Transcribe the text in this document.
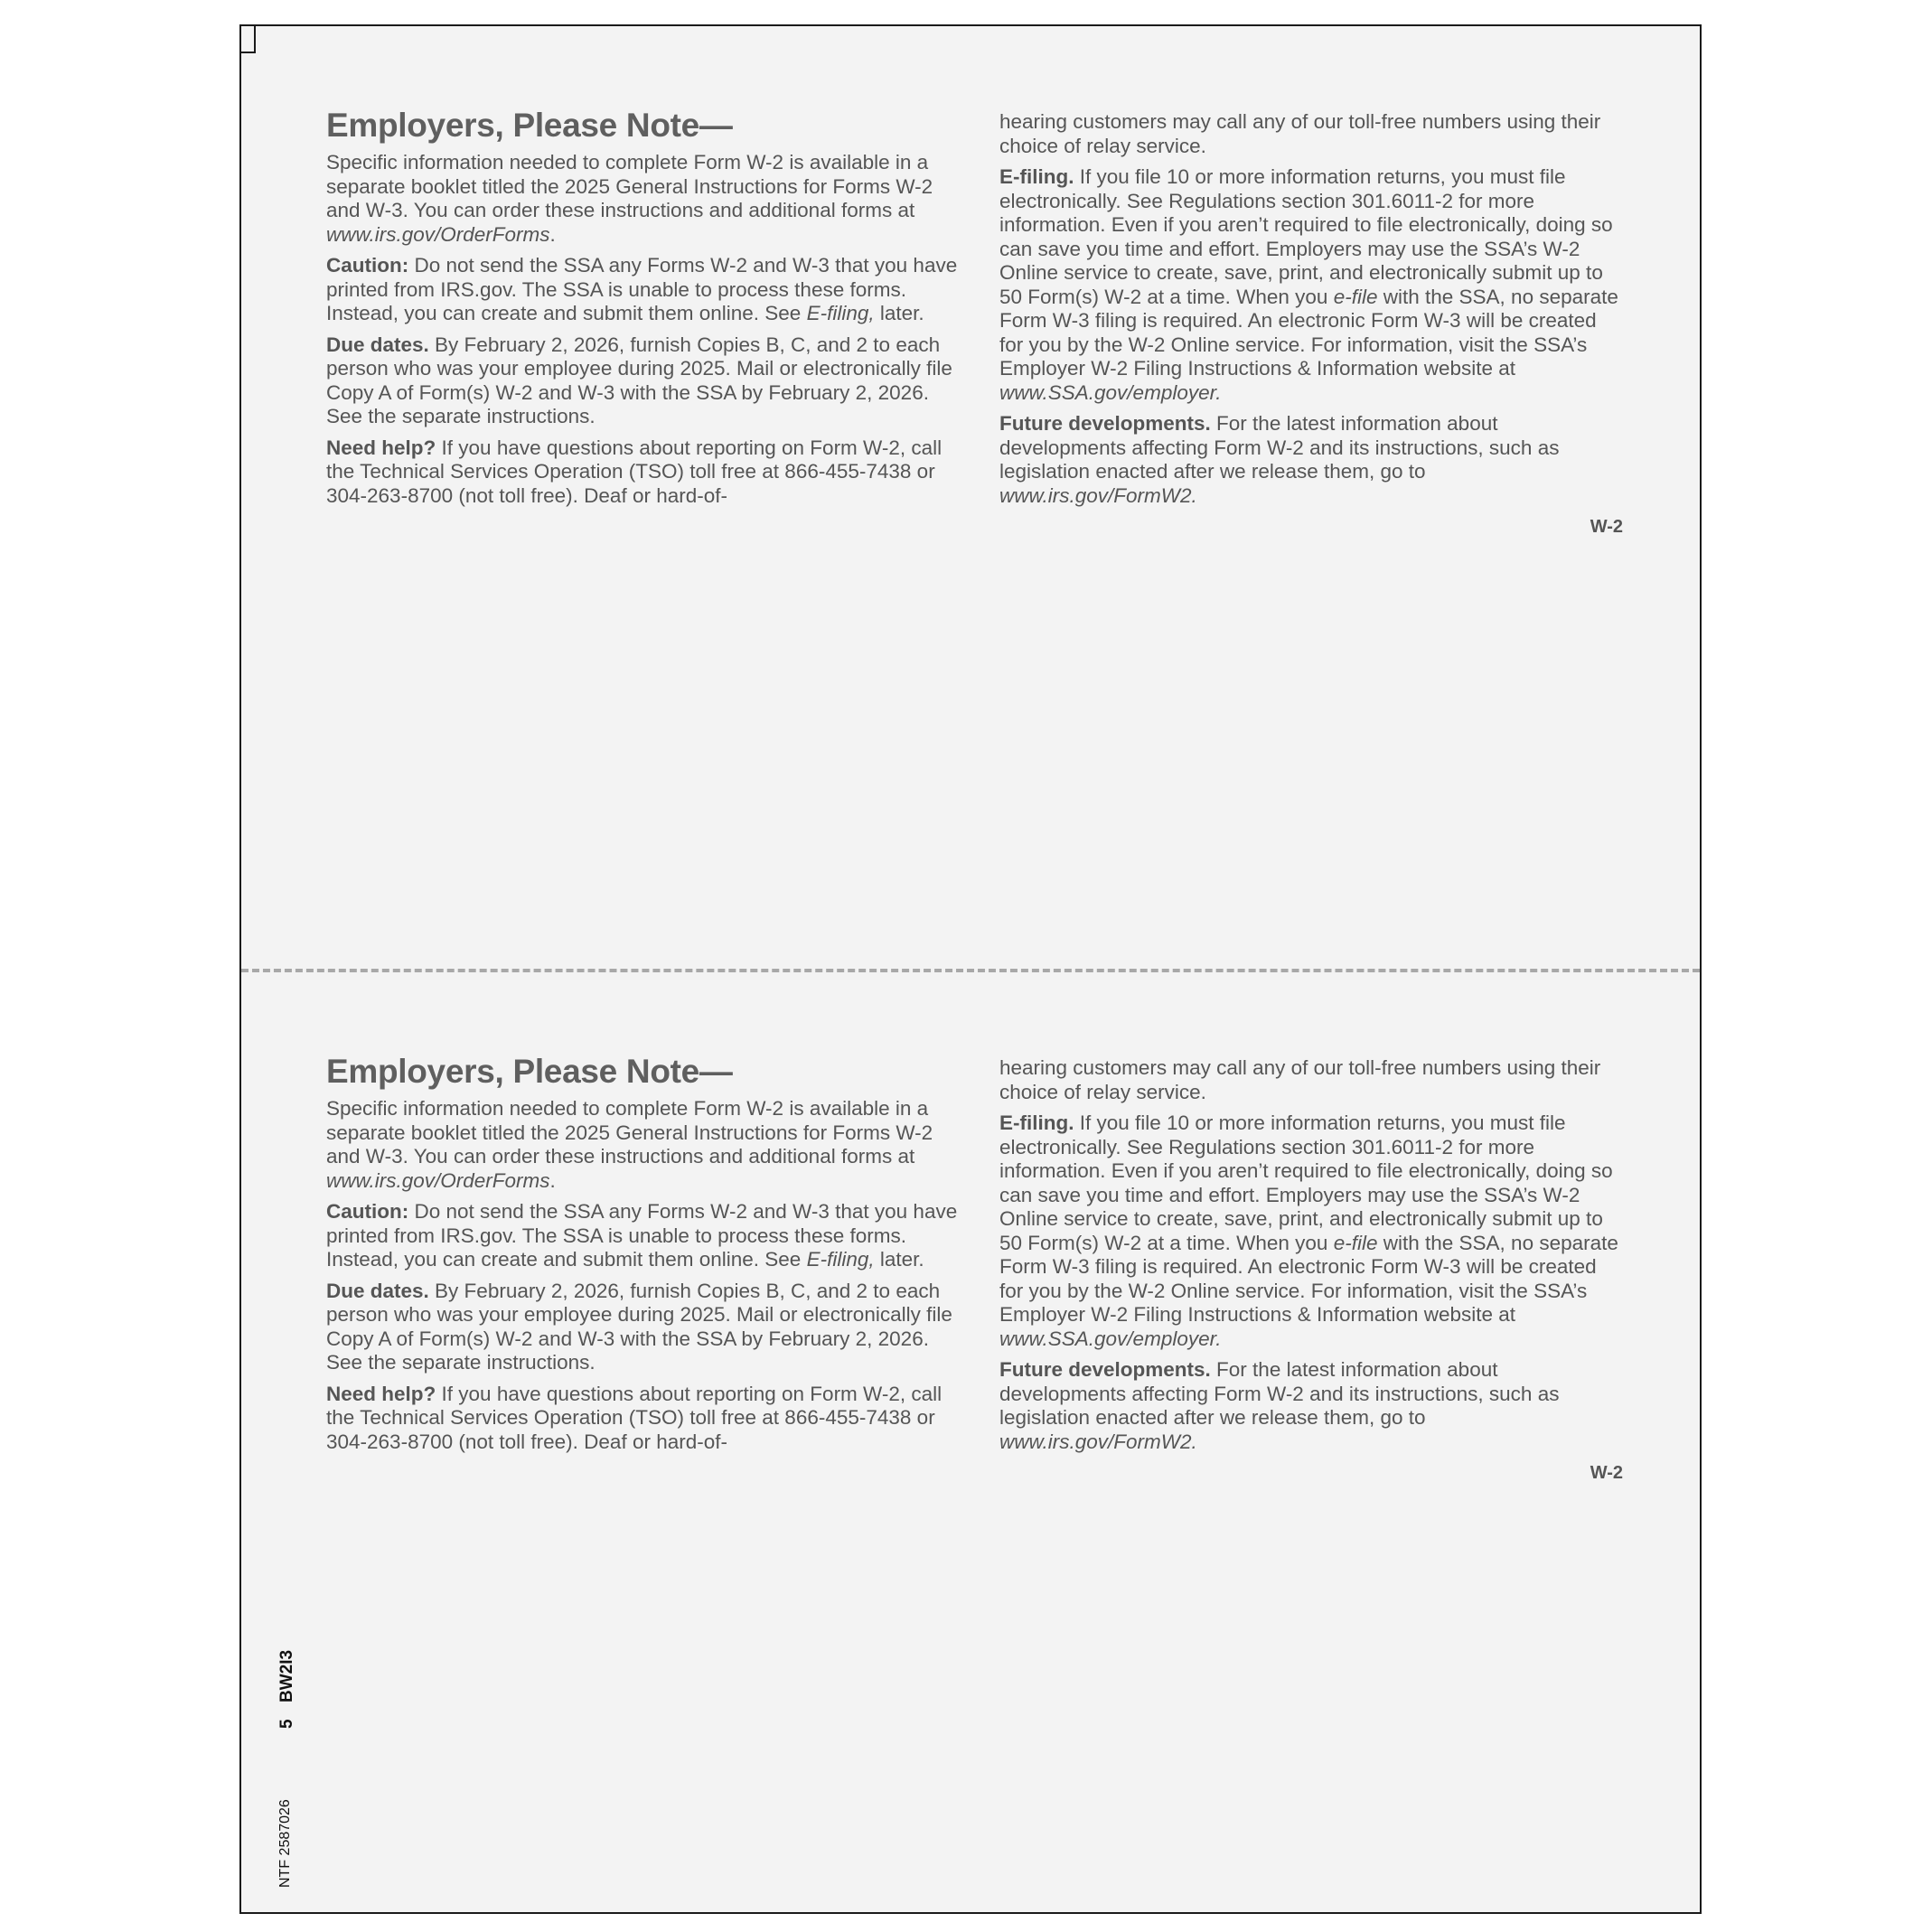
Employers, Please Note—

Specific information needed to complete Form W-2 is available in a separate booklet titled the 2025 General Instructions for Forms W-2 and W-3. You can order these instructions and additional forms at www.irs.gov/OrderForms.

Caution: Do not send the SSA any Forms W-2 and W-3 that you have printed from IRS.gov. The SSA is unable to process these forms. Instead, you can create and submit them online. See E-filing, later.

Due dates. By February 2, 2026, furnish Copies B, C, and 2 to each person who was your employee during 2025. Mail or electronically file Copy A of Form(s) W-2 and W-3 with the SSA by February 2, 2026. See the separate instructions.

Need help? If you have questions about reporting on Form W-2, call the Technical Services Operation (TSO) toll free at 866-455-7438 or 304-263-8700 (not toll free). Deaf or hard-of-

hearing customers may call any of our toll-free numbers using their choice of relay service.

E-filing. If you file 10 or more information returns, you must file electronically. See Regulations section 301.6011-2 for more information. Even if you aren’t required to file electronically, doing so can save you time and effort. Employers may use the SSA’s W-2 Online service to create, save, print, and electronically submit up to 50 Form(s) W-2 at a time. When you e-file with the SSA, no separate Form W-3 filing is required. An electronic Form W-3 will be created for you by the W-2 Online service. For information, visit the SSA’s Employer W-2 Filing Instructions & Information website at www.SSA.gov/employer.

Future developments. For the latest information about developments affecting Form W-2 and its instructions, such as legislation enacted after we release them, go to www.irs.gov/FormW2.

W-2
Employers, Please Note—

Specific information needed to complete Form W-2 is available in a separate booklet titled the 2025 General Instructions for Forms W-2 and W-3. You can order these instructions and additional forms at www.irs.gov/OrderForms.

Caution: Do not send the SSA any Forms W-2 and W-3 that you have printed from IRS.gov. The SSA is unable to process these forms. Instead, you can create and submit them online. See E-filing, later.

Due dates. By February 2, 2026, furnish Copies B, C, and 2 to each person who was your employee during 2025. Mail or electronically file Copy A of Form(s) W-2 and W-3 with the SSA by February 2, 2026. See the separate instructions.

Need help? If you have questions about reporting on Form W-2, call the Technical Services Operation (TSO) toll free at 866-455-7438 or 304-263-8700 (not toll free). Deaf or hard-of-

hearing customers may call any of our toll-free numbers using their choice of relay service.

E-filing. If you file 10 or more information returns, you must file electronically. See Regulations section 301.6011-2 for more information. Even if you aren’t required to file electronically, doing so can save you time and effort. Employers may use the SSA’s W-2 Online service to create, save, print, and electronically submit up to 50 Form(s) W-2 at a time. When you e-file with the SSA, no separate Form W-3 filing is required. An electronic Form W-3 will be created for you by the W-2 Online service. For information, visit the SSA’s Employer W-2 Filing Instructions & Information website at www.SSA.gov/employer.

Future developments. For the latest information about developments affecting Form W-2 and its instructions, such as legislation enacted after we release them, go to www.irs.gov/FormW2.

W-2
BW2I3
5
NTF 2587026
